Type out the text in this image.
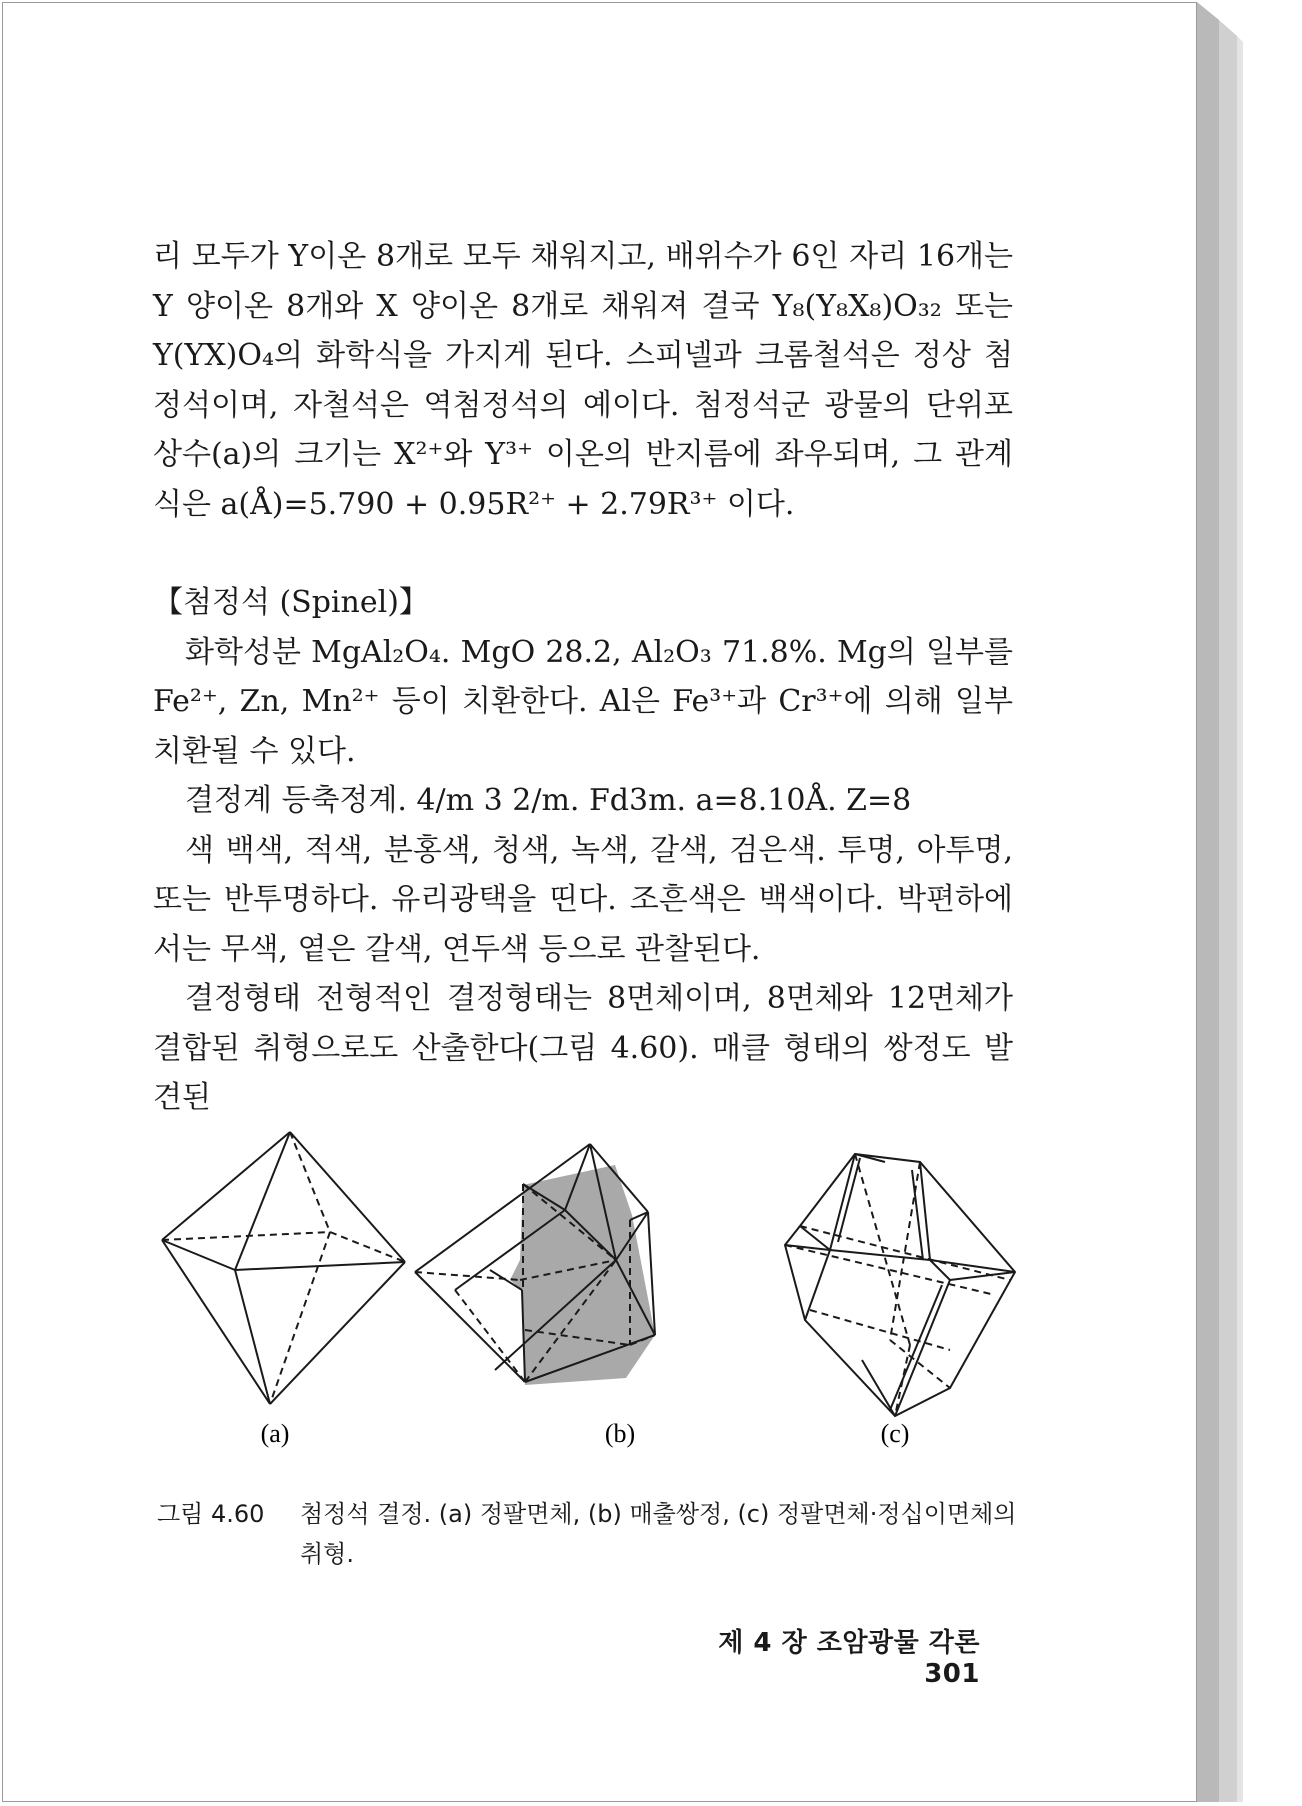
리 모두가 Y이온 8개로 모두 채워지고, 배위수가 6인 자리 16개는 Y 양이온 8개와 X 양이온 8개로 채워져 결국 Y₈(Y₈X₈)O₃₂ 또는 Y(YX)O₄의 화학식을 가지게 된다. 스피넬과 크롬철석은 정상 첨정석이며, 자철석은 역첨정석의 예이다. 첨정석군 광물의 단위포 상수(a)의 크기는 X²⁺와 Y³⁺ 이온의 반지름에 좌우되며, 그 관계식은 a(Å)=5.790 + 0.95R²⁺ + 2.79R³⁺ 이다.

【첨정석 (Spinel)】

화학성분 MgAl₂O₄. MgO 28.2, Al₂O₃ 71.8%. Mg의 일부를 Fe²⁺, Zn, Mn²⁺ 등이 치환한다. Al은 Fe³⁺과 Cr³⁺에 의해 일부 치환될 수 있다.

결정계 등축정계. 4/m 3 2/m. Fd3m. a=8.10Å. Z=8

색 백색, 적색, 분홍색, 청색, 녹색, 갈색, 검은색. 투명, 아투명, 또는 반투명하다. 유리광택을 띤다. 조흔색은 백색이다. 박편하에서는 무색, 옅은 갈색, 연두색 등으로 관찰된다.

결정형태 전형적인 결정형태는 8면체이며, 8면체와 12면체가 결합된 취형으로도 산출한다(그림 4.60). 매클 형태의 쌍정도 발견된

(a)	(b)	(c)
그림 4.60 첨정석 결정. (a) 정팔면체, (b) 매출쌍정, (c) 정팔면체·정십이면체의 취형.
제 4 장 조암광물 각론 301
